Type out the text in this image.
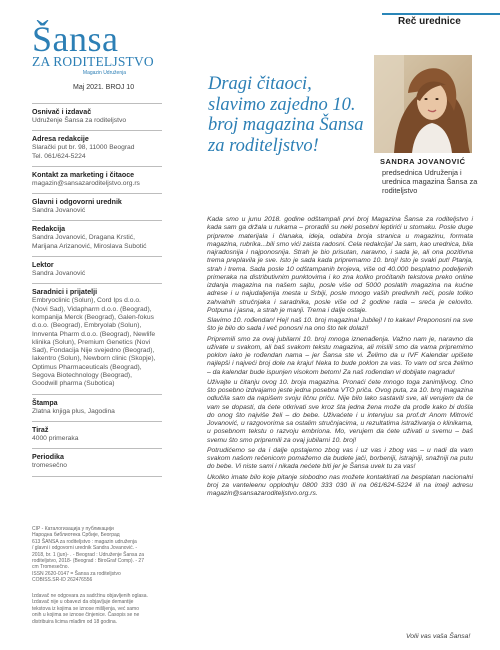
Reč urednice
Šansa
ZA RODITELJSTVO
Magazin Udruženja
Maj 2021. BROJ 10
Osnivač i izdavač
Udruženje Šansa za roditeljstvo
Adresa redakcije
Slarački put br. 98, 11000 Beograd
Tel. 061/624-5224
Kontakt za marketing i čitaoce
magazin@sansazaroditeljstvo.org.rs
Glavni i odgovorni urednik
Sandra Jovanović
Redakcija
Sandra Jovanović, Dragana Krstić,
Marijana Arizanović, Miroslava Subotić
Lektor
Sandra Jovanović
Saradnici i prijatelji
Embryoclinic (Solun), Cord Ips d.o.o.
(Novi Sad), Vidapharm d.o.o. (Beograd),
kompanija Merck (Beograd), Galen-fokus
d.o.o. (Beograd), Embryolab (Solun),
Innventa Pharm d.o.o. (Beograd), Newlife
klinika (Solun), Premium Genetics (Novi
Sad), Fondacija Nije svejedno (Beograd),
Iakentro (Solun), Newborn clinic (Skopje),
Optimus Pharmaceuticals (Beograd),
Segova Biotechnology (Beograd),
Goodwill pharma (Subotica)
Štampa
Zlatna knjiga plus, Jagodina
Tiraž
4000 primeraka
Periodika
tromesečno
CIP - Каталогизација у публикацији
Народна библиотека Србије, Београд
613 ŠANSA za roditeljstvo : magazin udruženja
/ glavni i odgovorni urednik Sandra Jovanović. -
2018, br. 1 (jun)- . - Beograd : Udruženje Šansa za
roditeljstvo, 2018- (Beograd : BiroGraf Comp). - 27
cm Tromesečno.
ISSN 2620-0147 = Šansa za roditeljstvo
COBISS.SR-ID 262476556
Izdavač ne odgovara za sadržinu objavljenih oglasa.
Izdavač nije u obavezi da objavljuje demantije
tekstova iz kojima se iznose mišljenja, već samo
onih u kojima se iznose činjenice. Časopis se ne
distribuira licima mlađim od 18 godina.
Dragi čitaoci, slavimo zajedno 10. broj magazina Šansa za roditeljstvo!
SANDRA JOVANOVIĆ
predsednica Udruženja i urednica magazina Šansa za roditeljstvo

Kada smo u junu 2018. godine odštampali prvi broj Magazina Šansa za roditeljstvo i kada sam ga držala u rukama – proradili su neki posebni leptirići u stomaku. Posle duge pripreme materijala i članaka, ideja, odabira broja stranica u magazinu, formata magazina, rubrika...bili smo vići zaista radosni. Cela redakcija! Ja sam, kao urednica, bila najradosnija i najponosnija. Strah je bio prisutan, naravno, i sada je, ali ona pozitivna trema preplavila je sve. Isto je sada kada pripremamo 10. broj! Isto je svaki put! Ptanja, strah i trema. Sada posle 10 odštampanih brojeva, više od 40.000 besplatno podeljenih primeraka na distributivnim punktovima i ko zna koliko pročitanih tekstova preko online izdanja magazina na našem sajtu, posle više od 5000 poslatih magazina na kućne adrese i u najudaljenija mesta u Srbiji, posle mnogo vaših predivnih reči, posle toliko zahvalnih stručnjaka i saradnika, posle više od 2 godine rada – sreća je celovito. Potpuna i jasna, a strah je manji. Trema i dalje ostaje.

Slavimo 10. rođendan! Hej! naš 10. broj magazina! Jubilej! I to kakav! Preponosni na sve što je bilo do sada i več ponosni na ono što tek dolazi!

Pripremili smo za ovaj jubilarni 10. broj mnoga iznenađenja. Važno nam je, naravno da uživate u svakom, ali baš svakom tekstu magazina, ali mislili smo da vama pripremimo poklon iako je rođendan nama – jer Šansa ste vi. Želimo da u IVF Kalendar upišete najlepši i najveći broj dole na kraju! Neka to bude poklon za vas. To vam od srca želimo – da kalendar bude ispunjen visokom betom! Za naš rođendan vi dobijate nagradu!

Uživajte u čitanju ovog 10. broja magazina. Pronaći ćete mnogo toga zanimljivog. Ono što posebno izdvajamo jeste jedna posebna VTO priča. Ovog puta, za 10. broj magazina odlučila sam da napišem svoju ličnu priču. Nije bilo lako sastaviti sve, ali verujem da će vam se dopasti, da ćete otkrivati sve kroz šta jedna žena može da prođe kako bi došla do onog što najviše želi – do bebe. Uživaćete i u intervjuu sa prof.dr Anom Mitrović Jovanović, u razgovorima sa ostalim stručnjacima, u rezultatima istraživanja o klinikama, u posebnom tekstu o razvoju embriona. Mo, verujem da ćete uživati u svemu – baš svemu što smo pripremili za ovaj jubilarni 10. broj!

Potrudićemo se da i dalje opstajemo zbog vas i uz vas i zbog vas – u nadi da vam svakom našom rečenicom pomažemo da budete jači, borbeniji, istrajniji, snažniji na putu do bebe. Vi niste sami i nikada nećete biti jer je Šansa uvek tu za vas!

Ukoliko imate bilo koje pitanje slobodno nas možete kontaktirati na besplatan nacionalni broj za vanteleenu opplodnju 0800 333 030 ili na 061/624-5224 ili na imejl adresu magazin@sansazaroditeljstvo.org.rs.

Volii vas vaša Šansa!
